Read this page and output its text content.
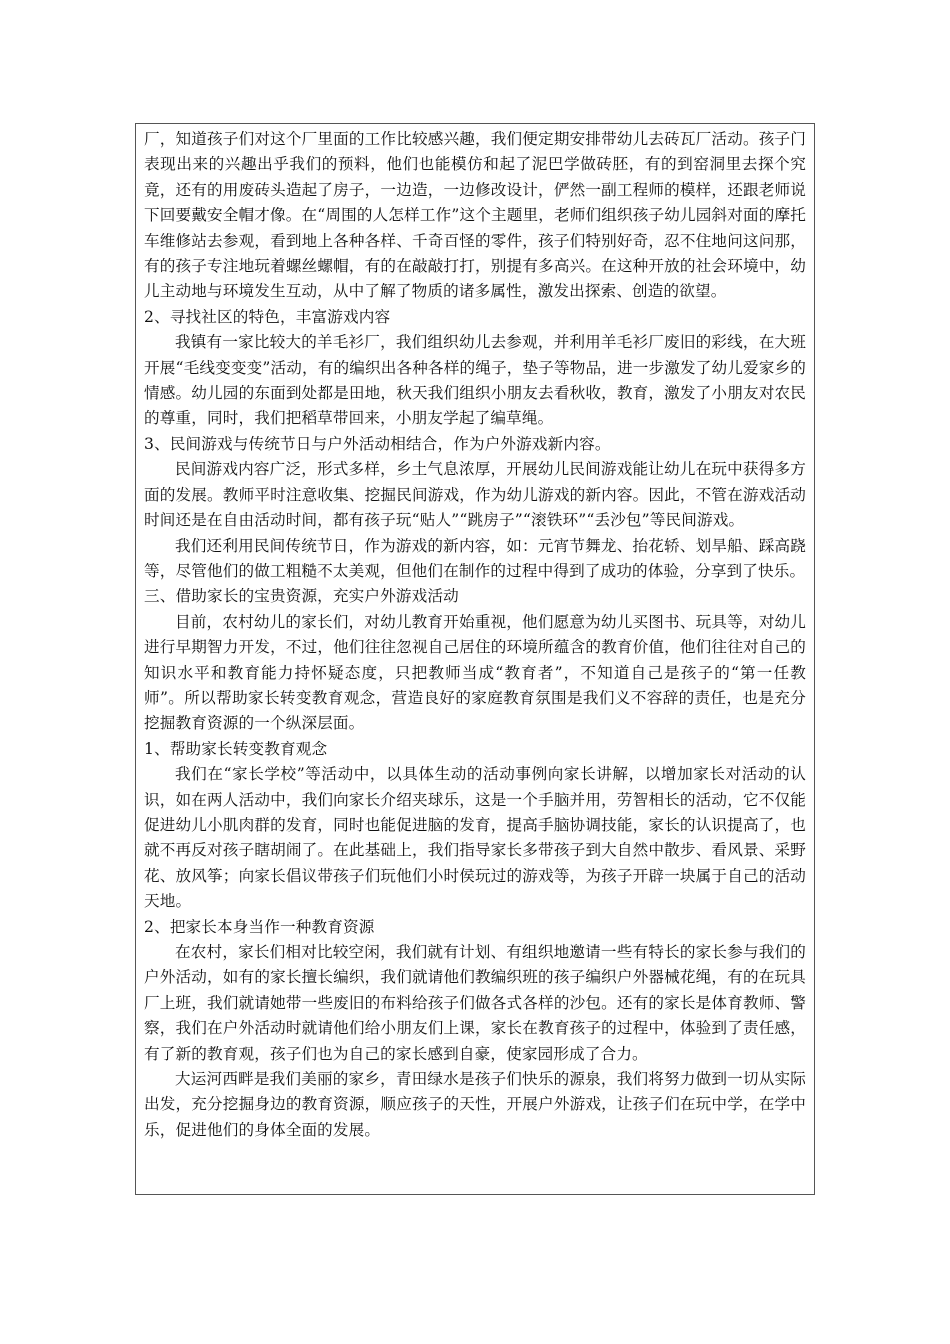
厂，知道孩子们对这个厂里面的工作比较感兴趣，我们便定期安排带幼儿去砖瓦厂活动。孩子门表现出来的兴趣出乎我们的预料，他们也能模仿和起了泥巴学做砖胚，有的到窑洞里去探个究竟，还有的用废砖头造起了房子，一边造，一边修改设计，俨然一副工程师的模样，还跟老师说下回要戴安全帽才像。在“周围的人怎样工作”这个主题里，老师们组织孩子幼儿园斜对面的摩托车维修站去参观，看到地上各种各样、千奇百怪的零件，孩子们特别好奇，忍不住地问这问那，有的孩子专注地玩着螺丝螺帽，有的在敲敲打打，别提有多高兴。在这种开放的社会环境中，幼儿主动地与环境发生互动，从中了解了物质的诸多属性，激发出探索、创造的欲望。

2、寻找社区的特色，丰富游戏内容

我镇有一家比较大的羊毛衫厂，我们组织幼儿去参观，并利用羊毛衫厂废旧的彩线，在大班开展“毛线变变变”活动，有的编织出各种各样的绳子，垫子等物品，进一步激发了幼儿爱家乡的情感。幼儿园的东面到处都是田地，秋天我们组织小朋友去看秋收，教育，激发了小朋友对农民的尊重，同时，我们把稻草带回来，小朋友学起了编草绳。

3、民间游戏与传统节日与户外活动相结合，作为户外游戏新内容。

民间游戏内容广泛，形式多样，乡土气息浓厚，开展幼儿民间游戏能让幼儿在玩中获得多方面的发展。教师平时注意收集、挖掘民间游戏，作为幼儿游戏的新内容。因此，不管在游戏活动时间还是在自由活动时间，都有孩子玩“贴人”“跳房子”“滚铁环”“丢沙包”等民间游戏。

我们还利用民间传统节日，作为游戏的新内容，如：元宵节舞龙、抬花轿、划旱船、踩高跷等，尽管他们的做工粗糙不太美观，但他们在制作的过程中得到了成功的体验，分享到了快乐。

三、借助家长的宝贵资源，充实户外游戏活动

目前，农村幼儿的家长们，对幼儿教育开始重视，他们愿意为幼儿买图书、玩具等，对幼儿进行早期智力开发，不过，他们往往忽视自己居住的环境所蕴含的教育价值，他们往往对自己的知识水平和教育能力持怀疑态度，只把教师当成“教育者”，不知道自己是孩子的“第一任教师”。所以帮助家长转变教育观念，营造良好的家庭教育氛围是我们义不容辞的责任，也是充分挖掘教育资源的一个纵深层面。

1、帮助家长转变教育观念

我们在“家长学校”等活动中，以具体生动的活动事例向家长讲解，以增加家长对活动的认识，如在两人活动中，我们向家长介绍夹球乐，这是一个手脑并用，劳智相长的活动，它不仅能促进幼儿小肌肉群的发育，同时也能促进脑的发育，提高手脑协调技能，家长的认识提高了，也就不再反对孩子瞎胡闹了。在此基础上，我们指导家长多带孩子到大自然中散步、看风景、采野花、放风筝；向家长倡议带孩子们玩他们小时侯玩过的游戏等，为孩子开辟一块属于自己的活动天地。

2、把家长本身当作一种教育资源

在农村，家长们相对比较空闲，我们就有计划、有组织地邀请一些有特长的家长参与我们的户外活动，如有的家长擅长编织，我们就请他们教编织班的孩子编织户外器械花绳，有的在玩具厂上班，我们就请她带一些废旧的布料给孩子们做各式各样的沙包。还有的家长是体育教师、警察，我们在户外活动时就请他们给小朋友们上课，家长在教育孩子的过程中，体验到了责任感，有了新的教育观，孩子们也为自己的家长感到自豪，使家园形成了合力。

大运河西畔是我们美丽的家乡，青田绿水是孩子们快乐的源泉，我们将努力做到一切从实际出发，充分挖掘身边的教育资源，顺应孩子的天性，开展户外游戏，让孩子们在玩中学，在学中乐，促进他们的身体全面的发展。
